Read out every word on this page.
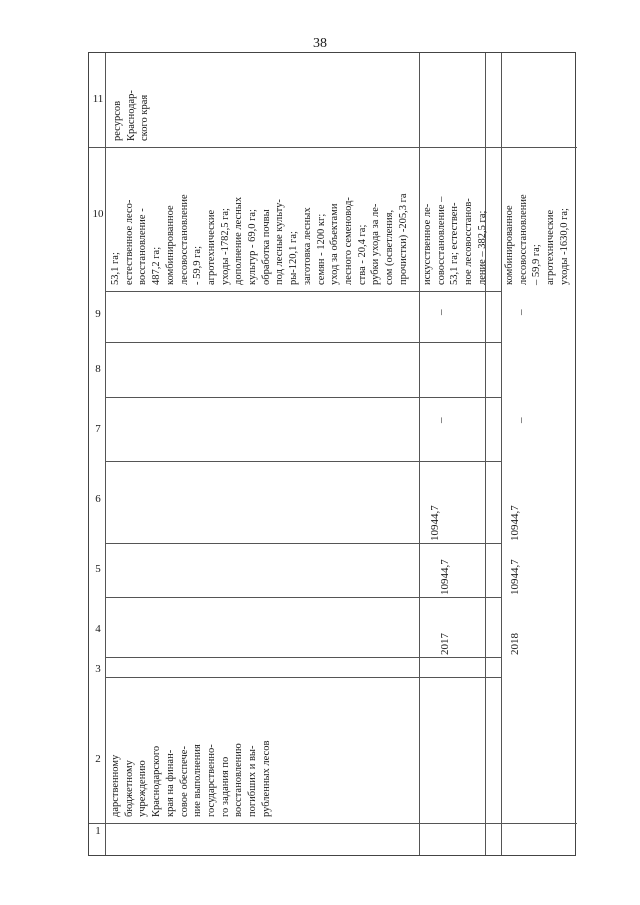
38
1
2
3
4
5
6
7
8
9
10
11
ресурсов
Краснодар-
ского края
53,1 га;
естественное лесо-
восстановление -
487,2 га;
комбинированное
лесовосстановление
- 59,9 га;
агротехнические
уходы -1782,5 га;
дополнение лесных
культур - 69,0 га;
обработка почвы
под лесные культу-
ры-120,1 га;
заготовка лесных
семян - 1200 кг;
уход за объектами
лесного семеновод-
ства - 20,4 га;
рубки ухода за ле-
сом (осветления,
прочистки) -205,3 га
искусственное ле-
совосстановление –
53,1 га; естествен-
ное лесовосстанов-
ление – 382,5 га; комбинированное
лесовосстановление
– 59,9 га;
агротехнические
уходы -1630,0 га;
дарственному
бюджетному
учреждению
Краснодарского
края на финан-
совое обеспече-
ние выполнения
государственно-
го задания по
восстановлению
погибших и вы-
рубленных лесов
2017
10944,7
10944,7
–
–
2018
10944,7
10944,7
–
–
